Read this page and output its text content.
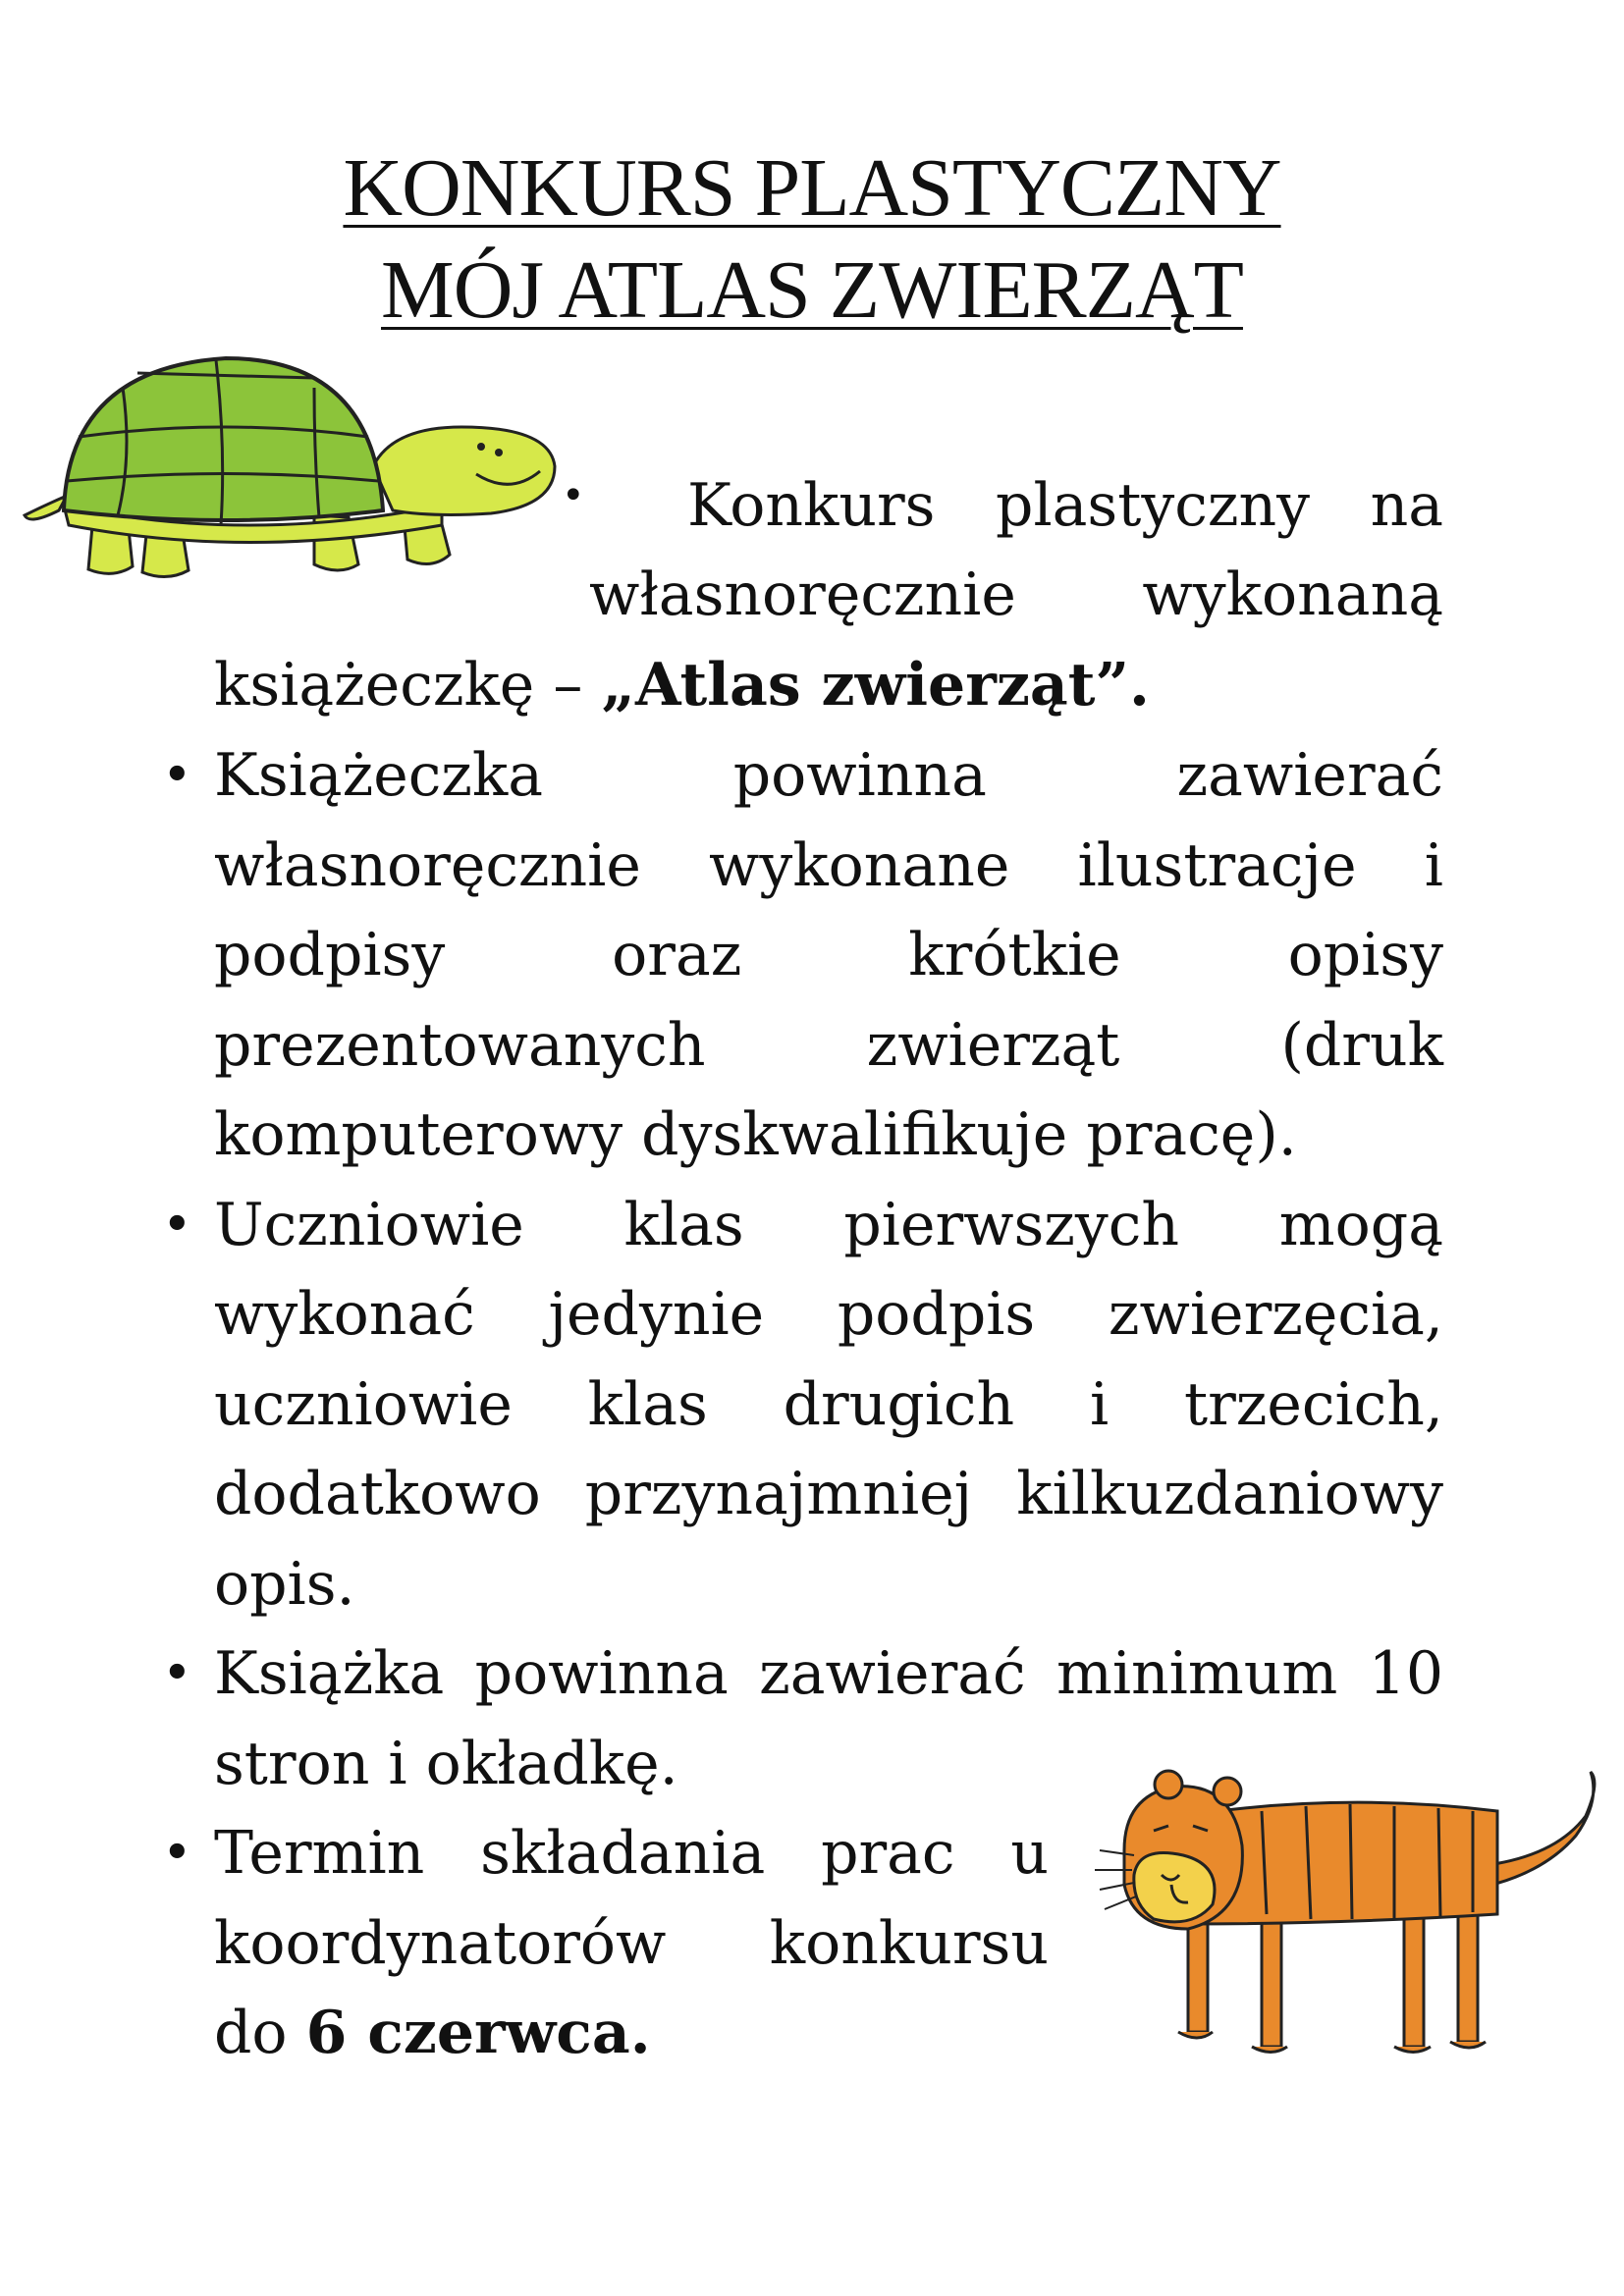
KONKURS PLASTYCZNY
MÓJ ATLAS ZWIERZĄT
• Konkurs plastyczny na
własnoręcznie wykonaną
książeczkę – „Atlas zwierząt”.
• Książeczka powinna zawierać własnoręcznie wykonane ilustracje i podpisy oraz krótkie opisy prezentowanych zwierząt (druk komputerowy dyskwalifikuje pracę).
• Uczniowie klas pierwszych mogą wykonać jedynie podpis zwierzęcia, uczniowie klas drugich i trzecich, dodatkowo przynajmniej kilkuzdaniowy opis.
• Książka powinna zawierać minimum 10 stron i okładkę.
• Termin składania prac u koordynatorów konkursu do 6 czerwca.
